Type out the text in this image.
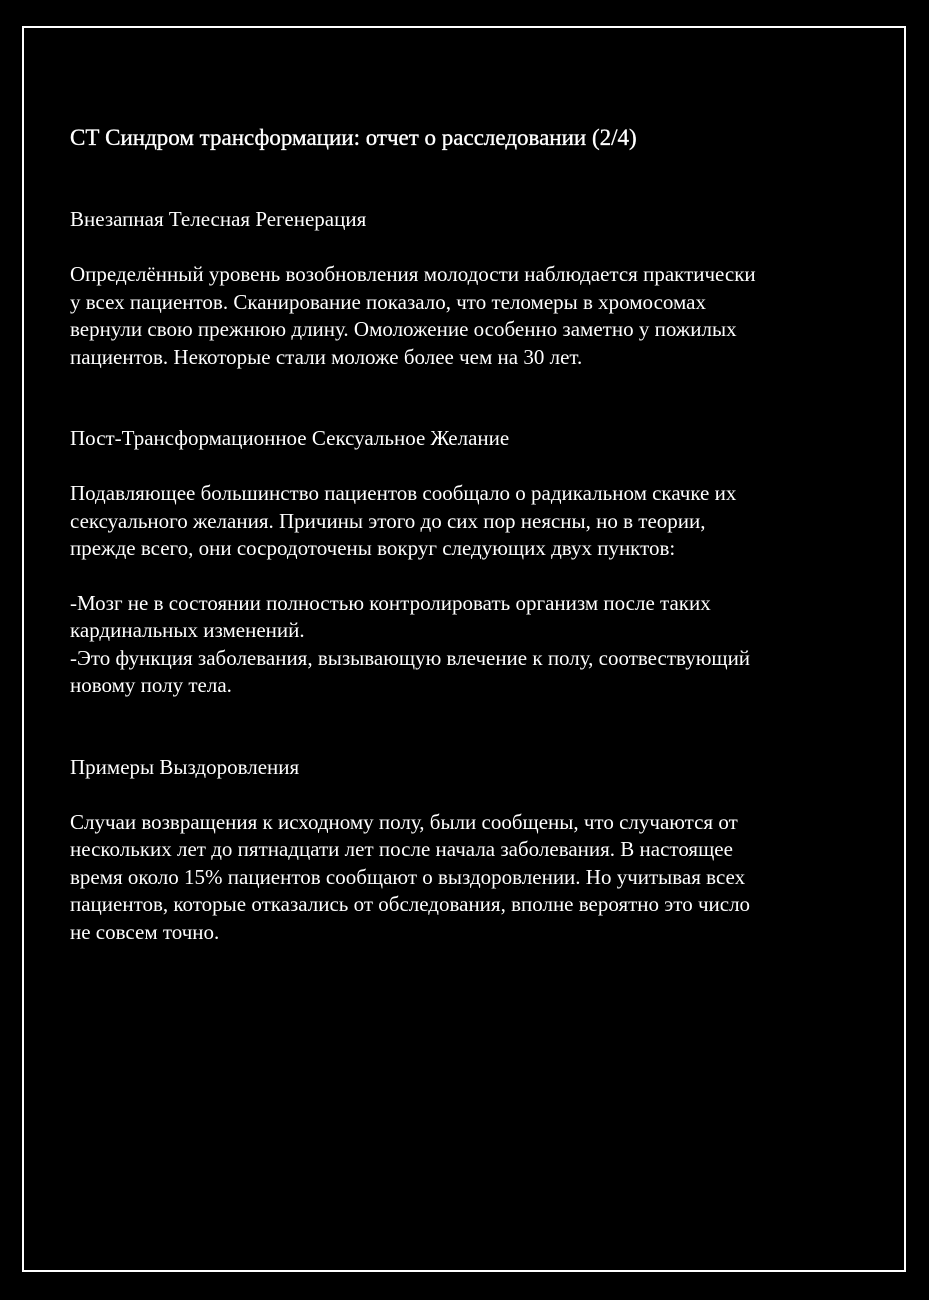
СТ Синдром трансформации: отчет о расследовании (2/4)
Внезапная Телесная Регенерация

Определённый уровень возобновления молодости наблюдается практически
у всех пациентов. Сканирование показало, что теломеры в хромосомах
вернули свою прежнюю длину. Омоложение особенно заметно у пожилых
пациентов. Некоторые стали моложе более чем на 30 лет.

Пост-Трансформационное Сексуальное Желание

Подавляющее большинство пациентов сообщало о радикальном скачке их
сексуального желания. Причины этого до сих пор неясны, но в теории,
прежде всего, они сосродоточены вокруг следующих двух пунктов:

-Мозг не в состоянии полностью контролировать организм после таких
кардинальных изменений.
-Это функция заболевания, вызывающую влечение к полу, соотвествующий
новому полу тела.

Примеры Выздоровления

Случаи возвращения к исходному полу, были сообщены, что случаются от
нескольких лет до пятнадцати лет после начала заболевания. В настоящее
время около 15% пациентов сообщают о выздоровлении. Но учитывая всех
пациентов, которые отказались от обследования, вполне вероятно это число
не совсем точно.
